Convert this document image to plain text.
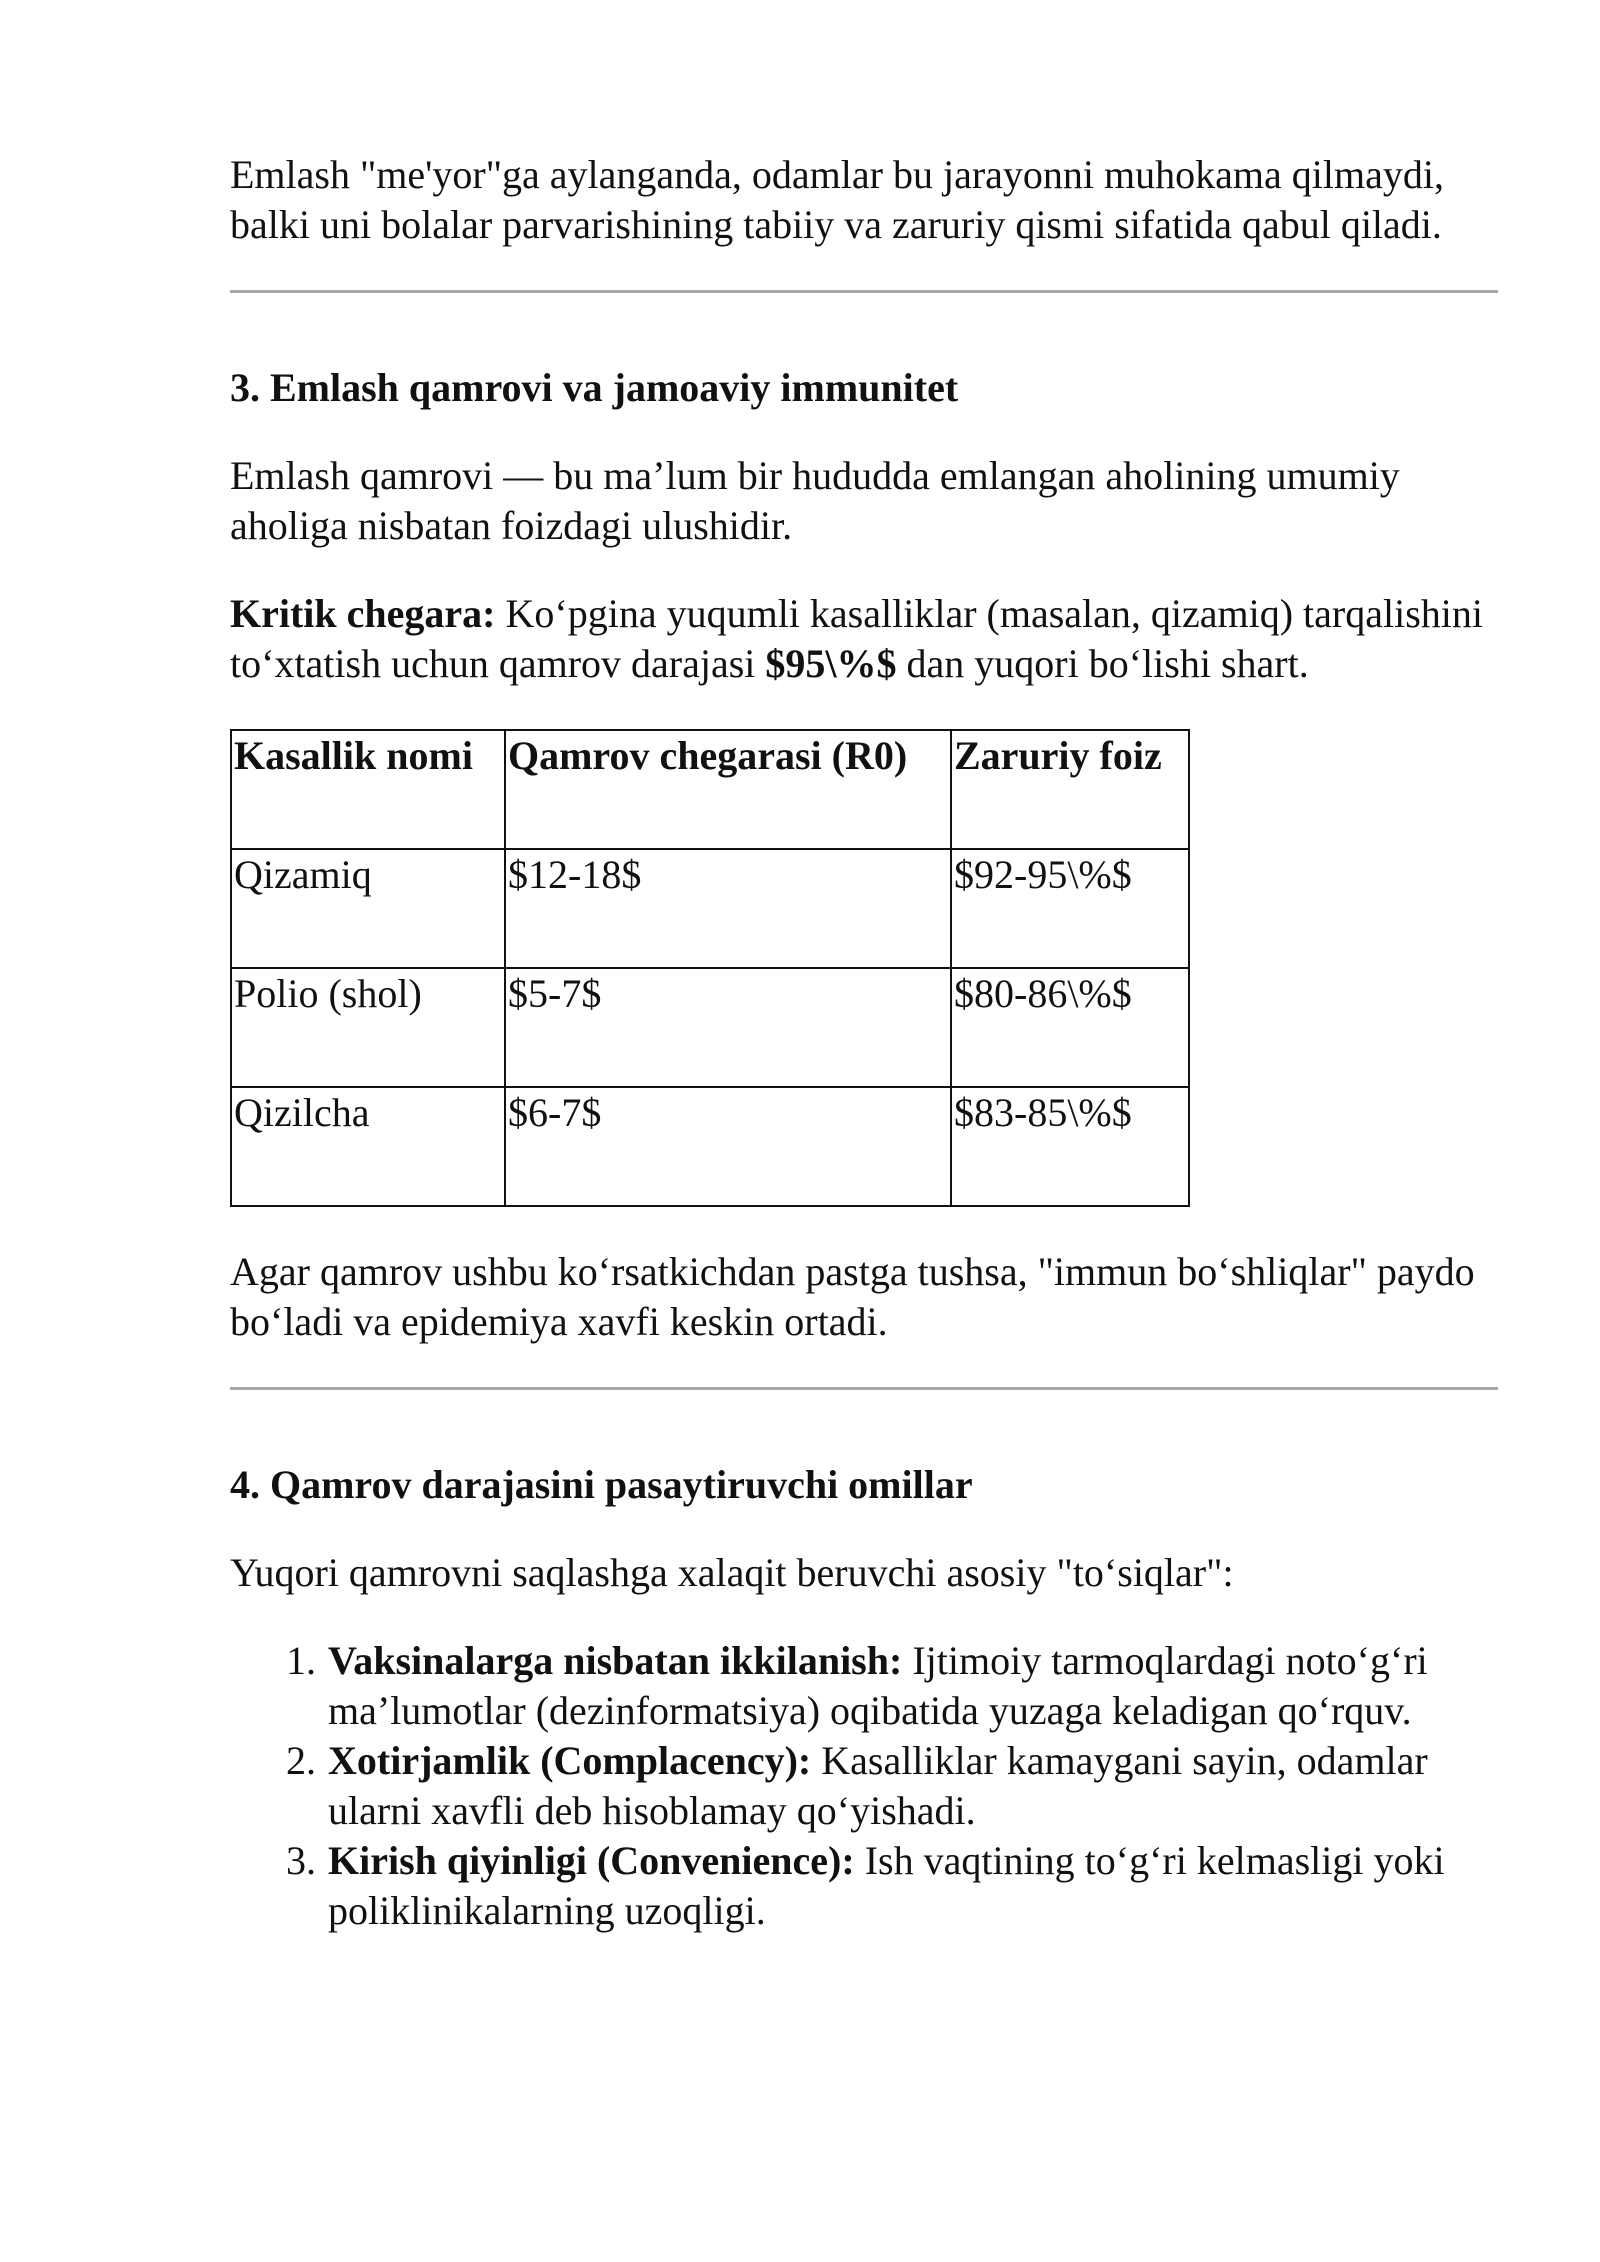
Emlash "me'yor"ga aylanganda, odamlar bu jarayonni muhokama qilmaydi, balki uni bolalar parvarishining tabiiy va zaruriy qismi sifatida qabul qiladi.

3. Emlash qamrovi va jamoaviy immunitet

Emlash qamrovi — bu ma’lum bir hududda emlangan aholining umumiy aholiga nisbatan foizdagi ulushidir.

Kritik chegara: Ko‘pgina yuqumli kasalliklar (masalan, qizamiq) tarqalishini to‘xtatish uchun qamrov darajasi $95\%$ dan yuqori bo‘lishi shart.

Kasallik nomi	Qamrov chegarasi (R0)	Zaruriy foiz
Qizamiq	$12-18$	$92-95\%$
Polio (shol)	$5-7$	$80-86\%$
Qizilcha	$6-7$	$83-85\%$

Agar qamrov ushbu ko‘rsatkichdan pastga tushsa, "immun bo‘shliqlar" paydo bo‘ladi va epidemiya xavfi keskin ortadi.

4. Qamrov darajasini pasaytiruvchi omillar

Yuqori qamrovni saqlashga xalaqit beruvchi asosiy "to‘siqlar":

1. Vaksinalarga nisbatan ikkilanish: Ijtimoiy tarmoqlardagi noto‘g‘ri ma’lumotlar (dezinformatsiya) oqibatida yuzaga keladigan qo‘rquv.
2. Xotirjamlik (Complacency): Kasalliklar kamaygani sayin, odamlar ularni xavfli deb hisoblamay qo‘yishadi.
3. Kirish qiyinligi (Convenience): Ish vaqtining to‘g‘ri kelmasligi yoki poliklinikalarning uzoqligi.
